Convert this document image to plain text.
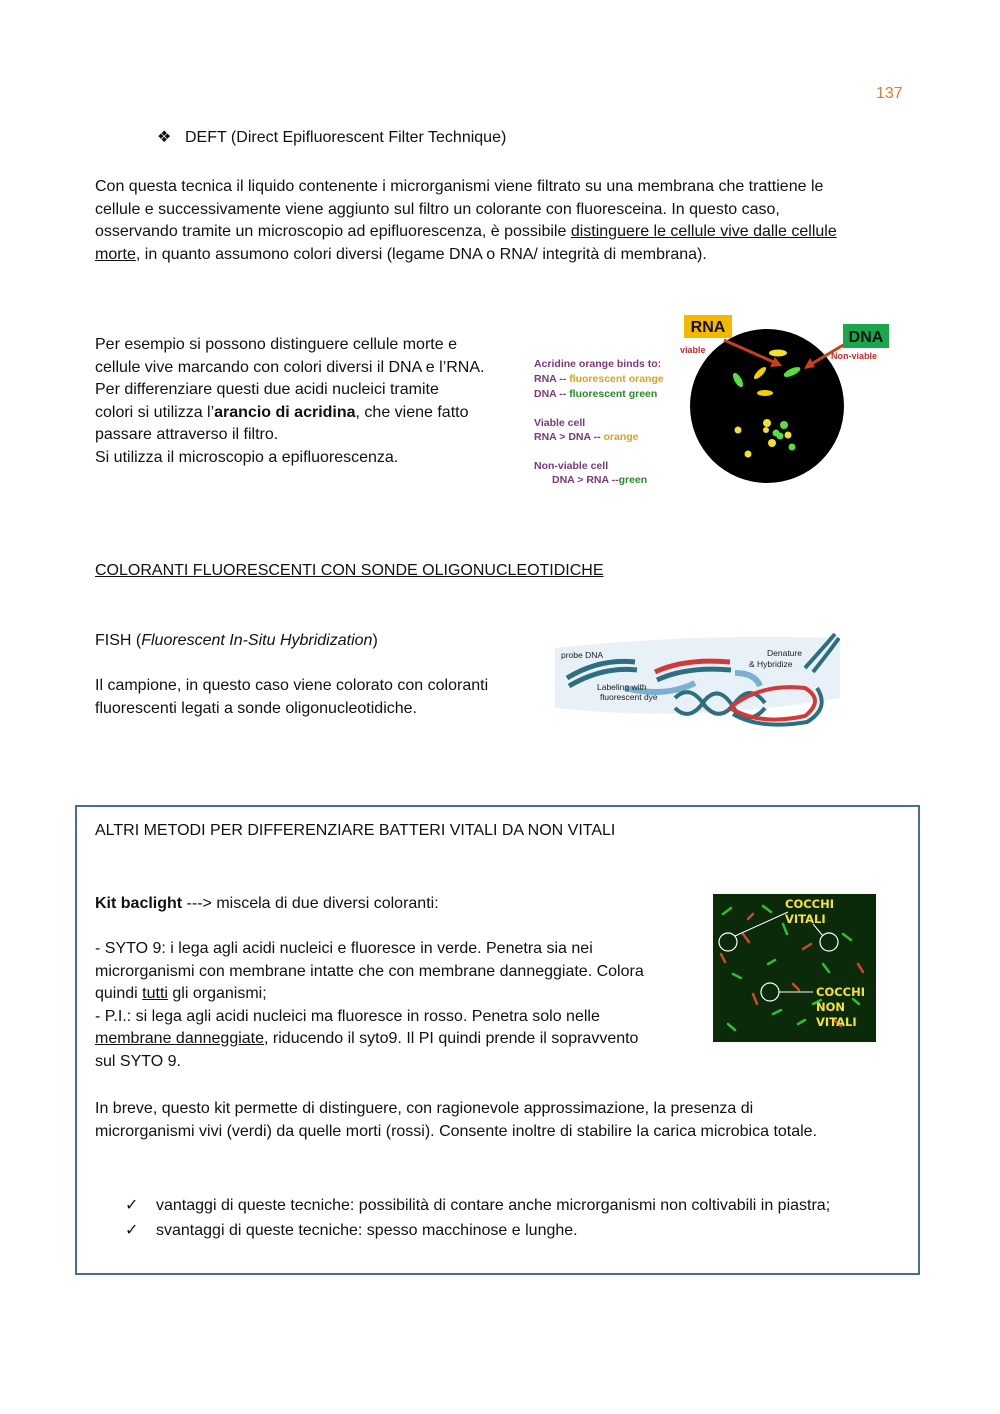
137
❖ DEFT (Direct Epifluorescent Filter Technique)
Con questa tecnica il liquido contenente i microrganismi viene filtrato su una membrana che trattiene le
cellule e successivamente viene aggiunto sul filtro un colorante con fluoresceina. In questo caso,
osservando tramite un microscopio ad epifluorescenza, è possibile distinguere le cellule vive dalle cellule
morte, in quanto assumono colori diversi (legame DNA o RNA/ integrità di membrana).
Per esempio si possono distinguere cellule morte e
cellule vive marcando con colori diversi il DNA e l’RNA.
Per differenziare questi due acidi nucleici tramite
colori si utilizza l’arancio di acridina, che viene fatto
passare attraverso il filtro.
Si utilizza il microscopio a epifluorescenza.
RNA
DNA
viable
Non-viable
Acridine orange binds to:
RNA -- fluorescent orange
DNA -- fluorescent green
Viable cell
RNA > DNA -- orange
Non-viable cell
DNA > RNA --green
COLORANTI FLUORESCENTI CON SONDE OLIGONUCLEOTIDICHE
FISH (Fluorescent In-Situ Hybridization)
Il campione, in questo caso viene colorato con coloranti
fluorescenti legati a sonde oligonucleotidiche.
probe DNA
Labeling with
fluorescent dye
Denature
& Hybridize
ALTRI METODI PER DIFFERENZIARE BATTERI VITALI DA NON VITALI
Kit baclight ---> miscela di due diversi coloranti:
- SYTO 9: i lega agli acidi nucleici e fluoresce in verde. Penetra sia nei
microrganismi con membrane intatte che con membrane danneggiate. Colora
quindi tutti gli organismi;
- P.I.: si lega agli acidi nucleici ma fluoresce in rosso. Penetra solo nelle
membrane danneggiate, riducendo il syto9. Il PI quindi prende il sopravvento
sul SYTO 9.
COCCHI
VITALI
COCCHI
NON
VITALI
In breve, questo kit permette di distinguere, con ragionevole approssimazione, la presenza di
microrganismi vivi (verdi) da quelle morti (rossi). Consente inoltre di stabilire la carica microbica totale.
✓ vantaggi di queste tecniche: possibilità di contare anche microrganismi non coltivabili in piastra;
✓ svantaggi di queste tecniche: spesso macchinose e lunghe.
